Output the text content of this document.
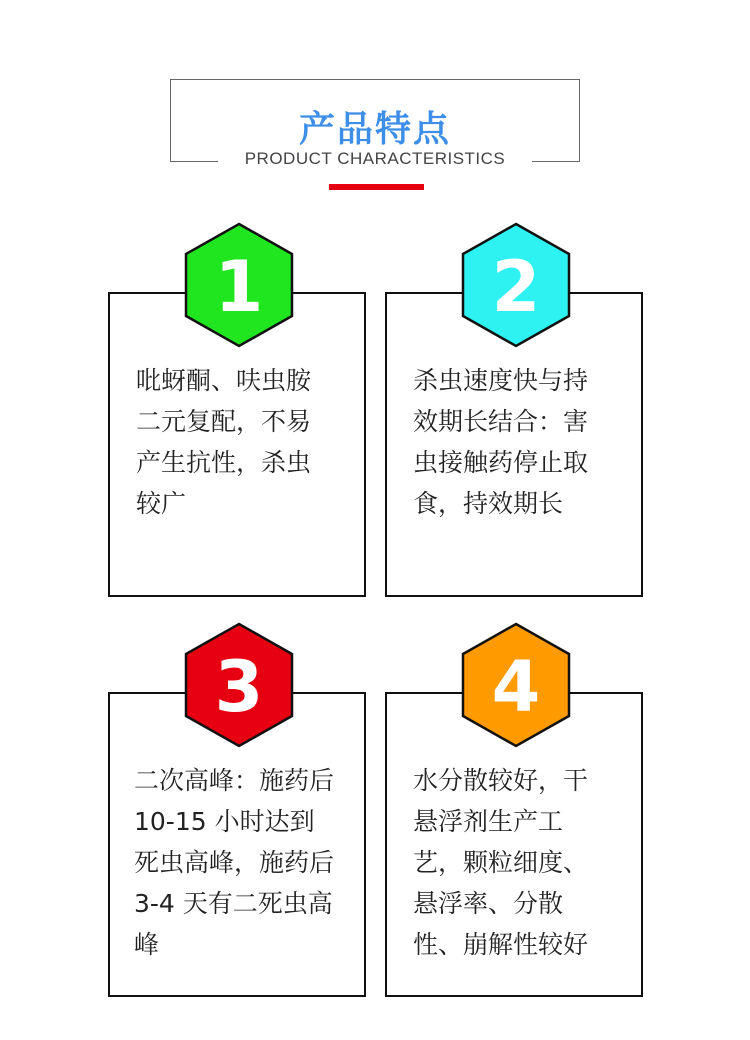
产品特点
PRODUCT CHARACTERISTICS
吡蚜酮、呋虫胺
二元复配，不易
产生抗性，杀虫
较广
1
杀虫速度快与持
效期长结合：害
虫接触药停止取
食，持效期长
2
二次高峰：施药后
10-15 小时达到
死虫高峰，施药后
3-4 天有二死虫高
峰
3
水分散较好，干
悬浮剂生产工
艺，颗粒细度、
悬浮率、分散
性、崩解性较好
4
